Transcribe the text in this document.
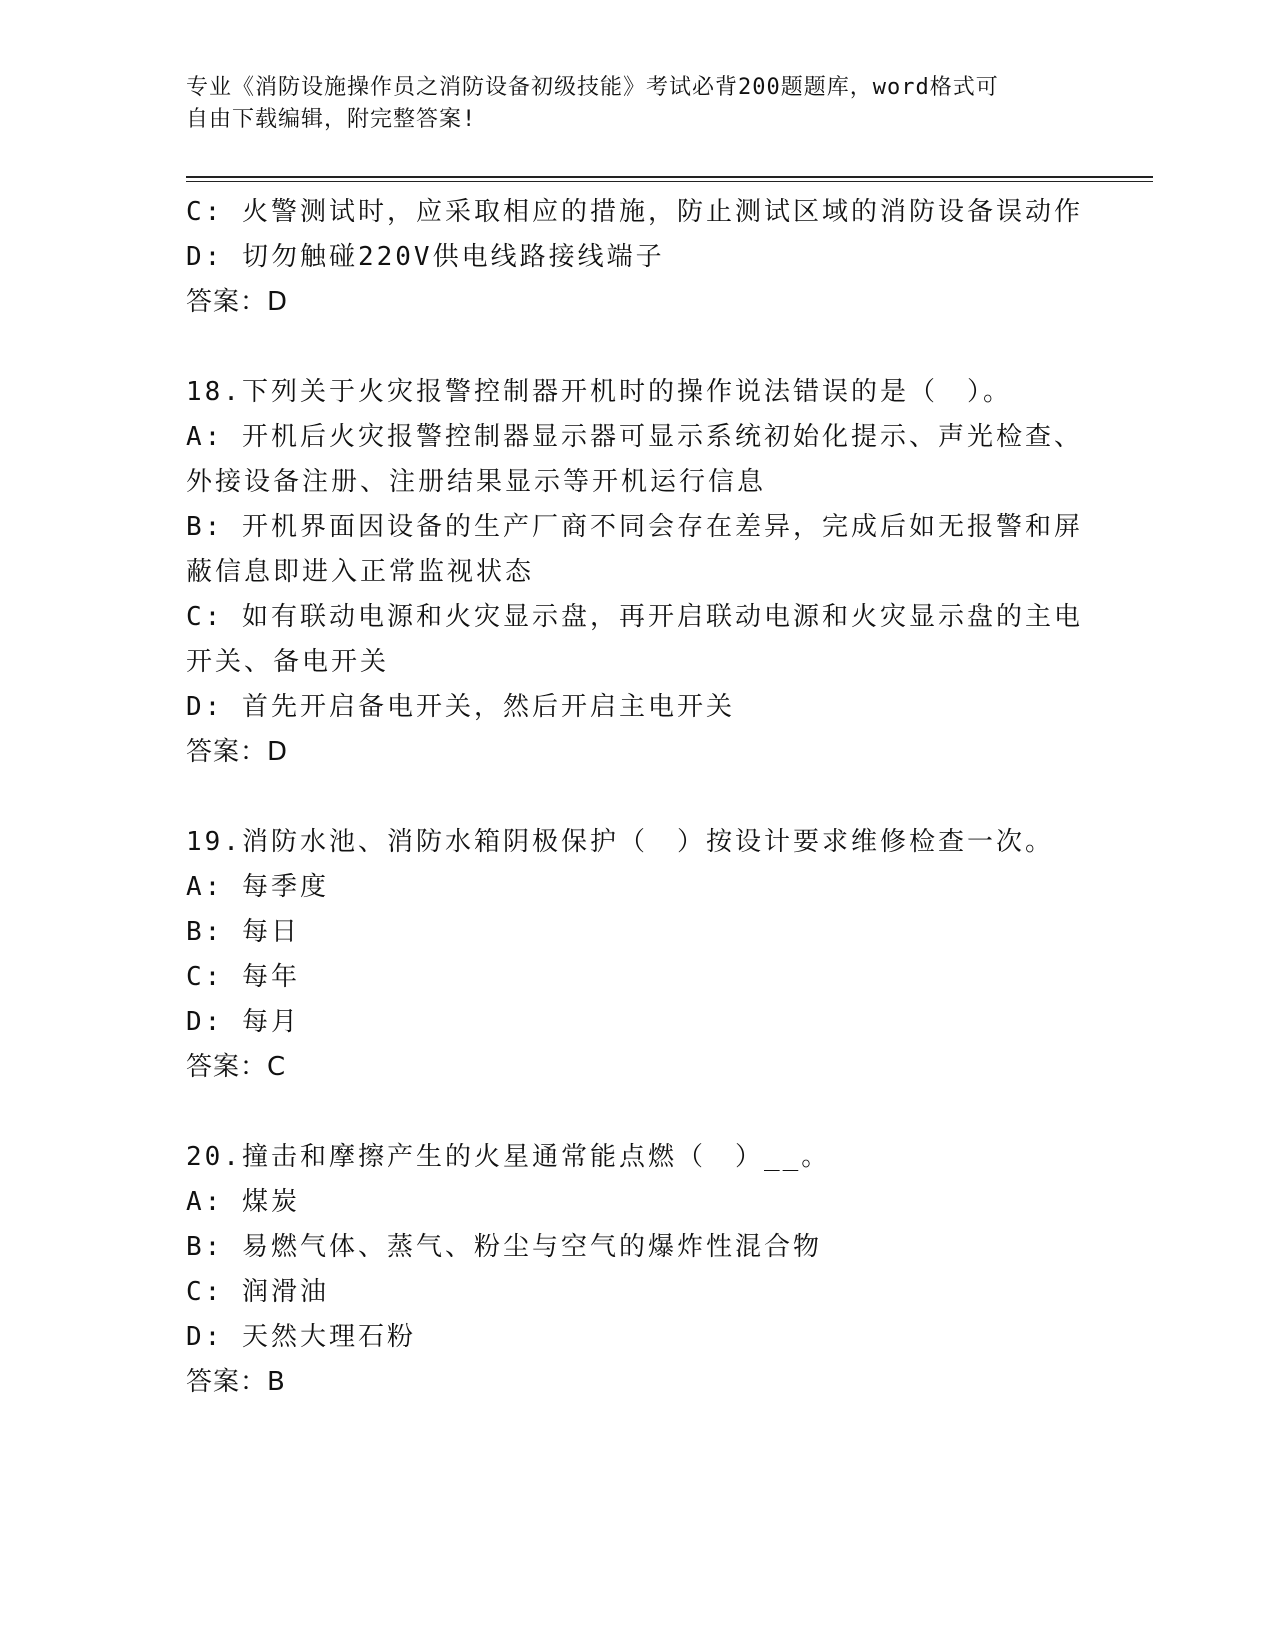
专业《消防设施操作员之消防设备初级技能》考试必背200题题库，word格式可
自由下载编辑，附完整答案!
C: 火警测试时，应采取相应的措施，防止测试区域的消防设备误动作
D: 切勿触碰220V供电线路接线端子
答案：D
18.下列关于火灾报警控制器开机时的操作说法错误的是（　）。
A: 开机后火灾报警控制器显示器可显示系统初始化提示、声光检查、
外接设备注册、注册结果显示等开机运行信息
B: 开机界面因设备的生产厂商不同会存在差异，完成后如无报警和屏
蔽信息即进入正常监视状态
C: 如有联动电源和火灾显示盘，再开启联动电源和火灾显示盘的主电
开关、备电开关
D: 首先开启备电开关，然后开启主电开关
答案：D
19.消防水池、消防水箱阴极保护（　）按设计要求维修检查一次。
A: 每季度
B: 每日
C: 每年
D: 每月
答案：C
20.撞击和摩擦产生的火星通常能点燃（　）__。
A: 煤炭
B: 易燃气体、蒸气、粉尘与空气的爆炸性混合物
C: 润滑油
D: 天然大理石粉
答案：B
